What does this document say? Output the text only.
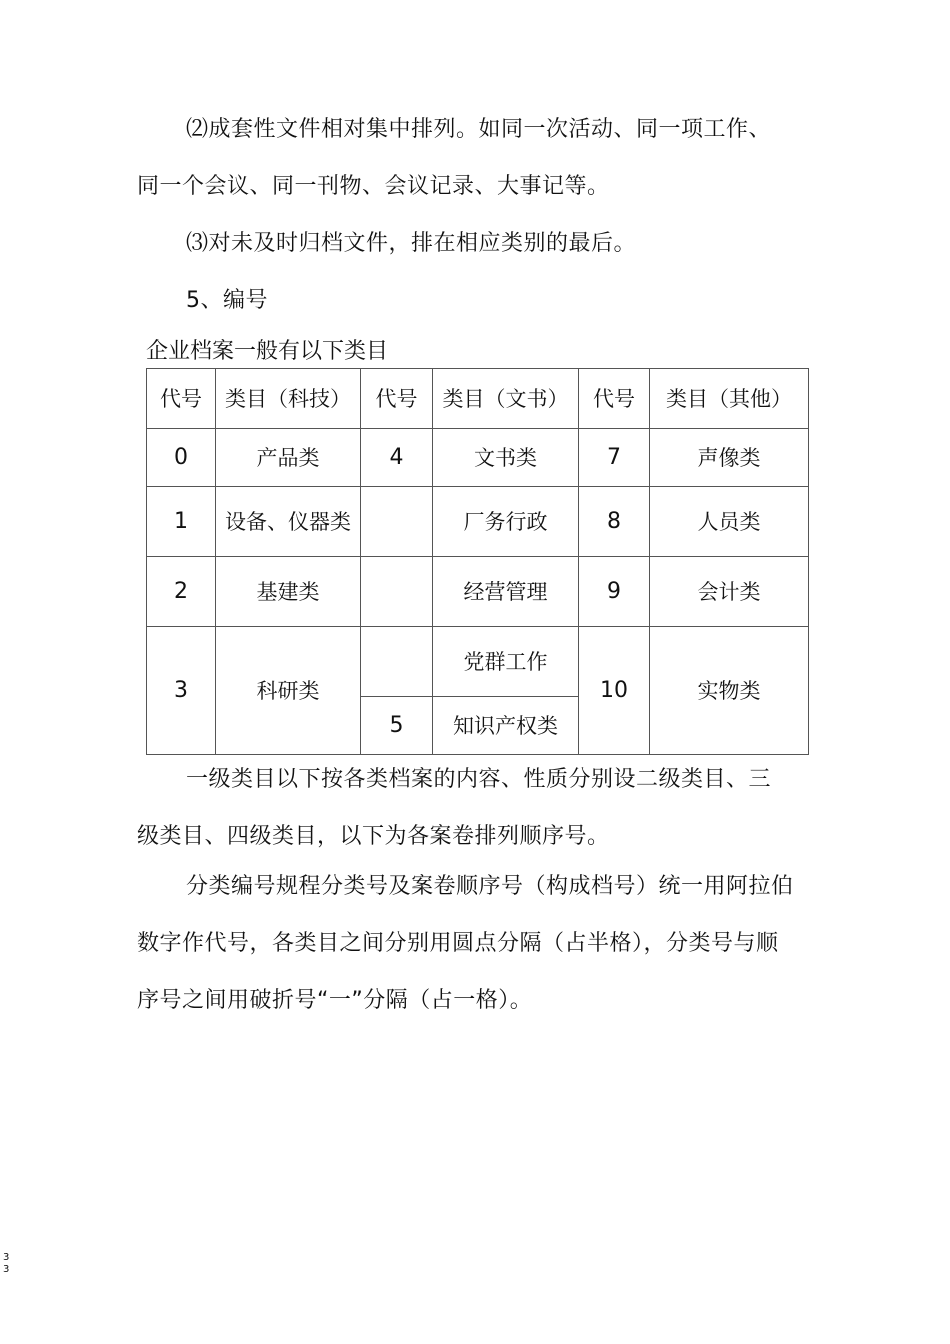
⑵成套性文件相对集中排列。如同一次活动、同一项工作、
同一个会议、同一刊物、会议记录、大事记等。
⑶对未及时归档文件，排在相应类别的最后。
5、编号
企业档案一般有以下类目
代号	类目（科技）	代号	类目（文书）	代号	类目（其他）
0	产品类	4	文书类	7	声像类
1	设备、仪器类		厂务行政	8	人员类
2	基建类		经营管理	9	会计类
3	科研类		党群工作	10	实物类
		5	知识产权类		
一级类目以下按各类档案的内容、性质分别设二级类目、三
级类目、四级类目，以下为各案卷排列顺序号。
分类编号规程分类号及案卷顺序号（构成档号）统一用阿拉伯
数字作代号，各类目之间分别用圆点分隔（占半格），分类号与顺
序号之间用破折号“一”分隔（占一格）。
33
